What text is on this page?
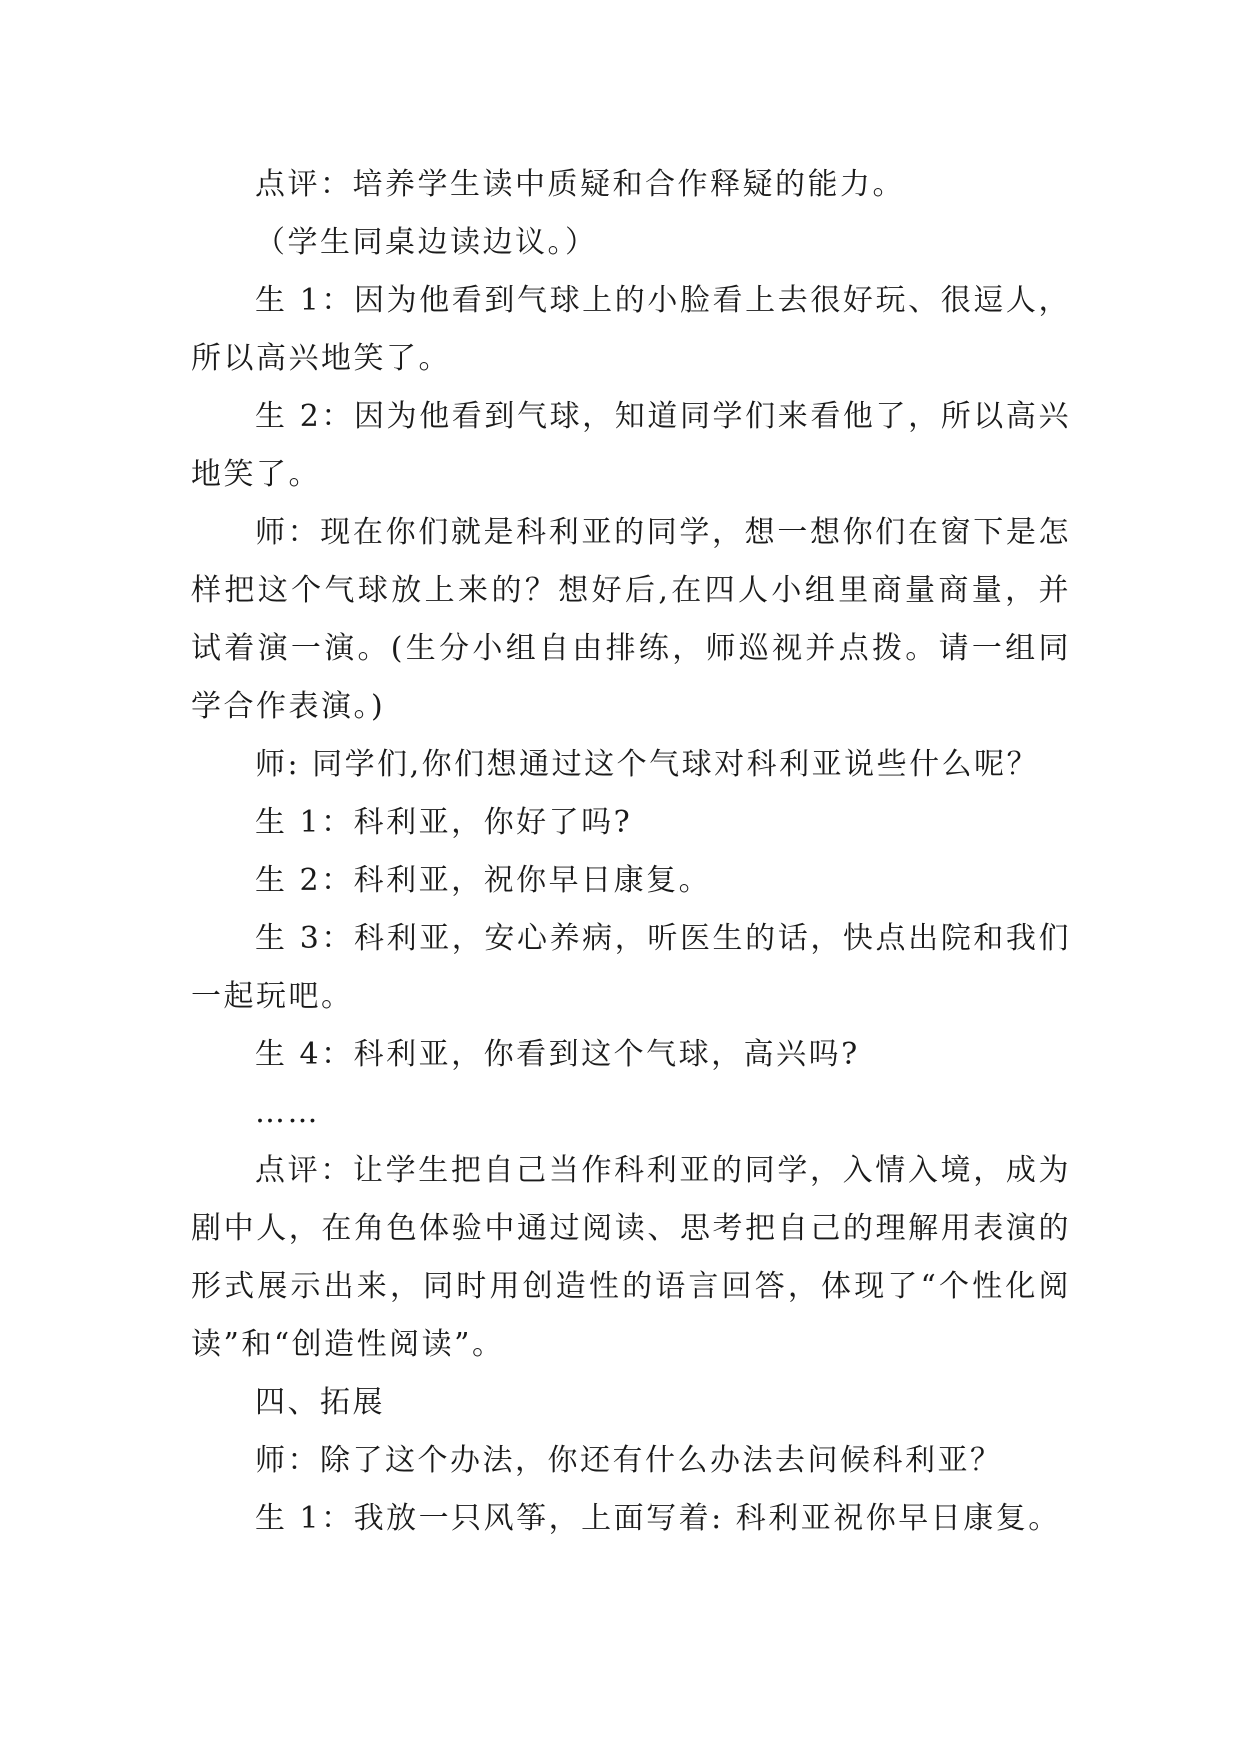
点评：培养学生读中质疑和合作释疑的能力。

（学生同桌边读边议。）

生 1：因为他看到气球上的小脸看上去很好玩、很逗人，所以高兴地笑了。

生 2：因为他看到气球，知道同学们来看他了，所以高兴地笑了。

师：现在你们就是科利亚的同学，想一想你们在窗下是怎样把这个气球放上来的？想好后,在四人小组里商量商量，并试着演一演。(生分小组自由排练，师巡视并点拨。请一组同学合作表演。)

师: 同学们,你们想通过这个气球对科利亚说些什么呢？

生 1：科利亚，你好了吗?

生 2：科利亚，祝你早日康复。

生 3：科利亚，安心养病，听医生的话，快点出院和我们一起玩吧。

生 4：科利亚，你看到这个气球，高兴吗?

……

点评：让学生把自己当作科利亚的同学，入情入境，成为剧中人，在角色体验中通过阅读、思考把自己的理解用表演的形式展示出来，同时用创造性的语言回答，体现了“个性化阅读”和“创造性阅读”。

四、拓展

师：除了这个办法，你还有什么办法去问候科利亚？

生 1：我放一只风筝，上面写着: 科利亚祝你早日康复。
